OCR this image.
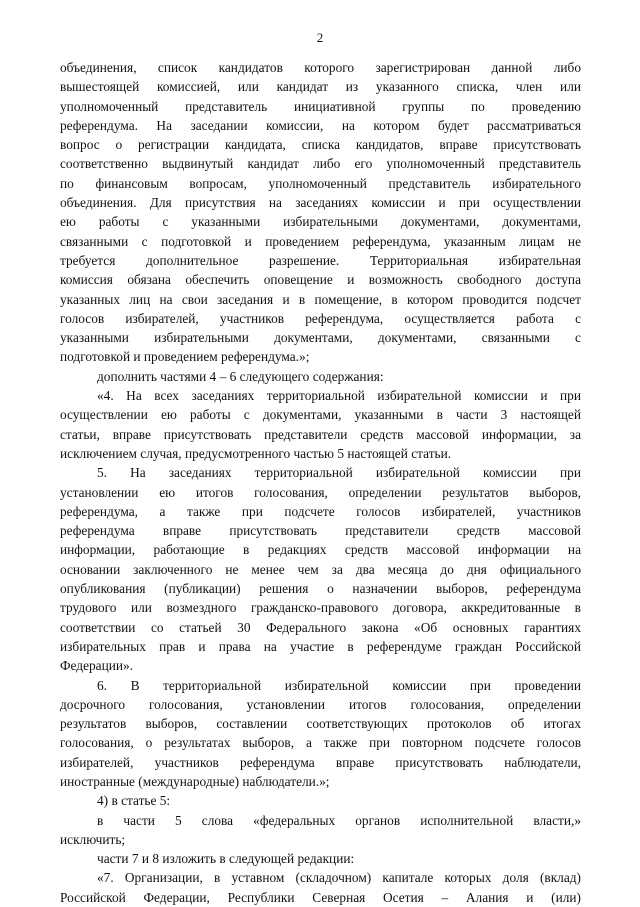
2
объединения, список кандидатов которого зарегистрирован данной либо
вышестоящей комиссией, или кандидат из указанного списка, член или
уполномоченный представитель инициативной группы по проведению
референдума. На заседании комиссии, на котором будет рассматриваться
вопрос о регистрации кандидата, списка кандидатов, вправе присутствовать
соответственно выдвинутый кандидат либо его уполномоченный представитель
по финансовым вопросам, уполномоченный представитель избирательного
объединения. Для присутствия на заседаниях комиссии и при осуществлении
ею работы с указанными избирательными документами, документами,
связанными с подготовкой и проведением референдума, указанным лицам не
требуется дополнительное разрешение. Территориальная избирательная
комиссия обязана обеспечить оповещение и возможность свободного доступа
указанных лиц на свои заседания и в помещение, в котором проводится подсчет
голосов избирателей, участников референдума, осуществляется работа с
указанными избирательными документами, документами, связанными с
подготовкой и проведением референдума.»;
дополнить частями 4 – 6 следующего содержания:
«4. На всех заседаниях территориальной избирательной комиссии и при
осуществлении ею работы с документами, указанными в части 3 настоящей
статьи, вправе присутствовать представители средств массовой информации, за
исключением случая, предусмотренного частью 5 настоящей статьи.
5. На заседаниях территориальной избирательной комиссии при
установлении ею итогов голосования, определении результатов выборов,
референдума, а также при подсчете голосов избирателей, участников
референдума вправе присутствовать представители средств массовой
информации, работающие в редакциях средств массовой информации на
основании заключенного не менее чем за два месяца до дня официального
опубликования (публикации) решения о назначении выборов, референдума
трудового или возмездного гражданско-правового договора, аккредитованные в
соответствии со статьей 30 Федерального закона «Об основных гарантиях
избирательных прав и права на участие в референдуме граждан Российской
Федерации».
6. В территориальной избирательной комиссии при проведении
досрочного голосования, установлении итогов голосования, определении
результатов выборов, составлении соответствующих протоколов об итогах
голосования, о результатах выборов, а также при повторном подсчете голосов
избирателей, участников референдума вправе присутствовать наблюдатели,
иностранные (международные) наблюдатели.»;
4) в статье 5:
в части 5 слова «федеральных органов исполнительной власти,»
исключить;
части 7 и 8 изложить в следующей редакции:
«7. Организации, в уставном (складочном) капитале которых доля (вклад)
Российской Федерации, Республики Северная Осетия – Алания и (или)
